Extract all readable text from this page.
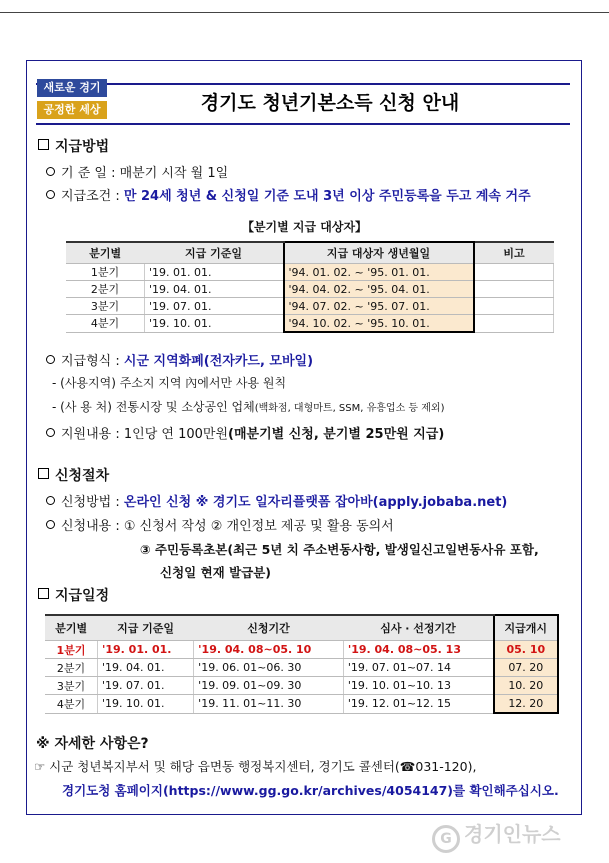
새로운 경기
공정한 세상	경기도 청년기본소득 신청 안내
지급방법
기 준 일 : 매분기 시작 월 1일
지급조건 : 만 24세 청년 & 신청일 기준 도내 3년 이상 주민등록을 두고 계속 거주
【분기별 지급 대상자】
분기별	지급 기준일	지급 대상자 생년월일	비고
1분기	'19. 01. 01.	'94. 01. 02. ~ '95. 01. 01.	
2분기	'19. 04. 01.	'94. 04. 02. ~ '95. 04. 01.	
3분기	'19. 07. 01.	'94. 07. 02. ~ '95. 07. 01.	
4분기	'19. 10. 01.	'94. 10. 02. ~ '95. 10. 01.	
지급형식 : 시군 지역화폐(전자카드, 모바일)
- (사용지역) 주소지 지역 內에서만 사용 원칙
- (사 용 처) 전통시장 및 소상공인 업체(백화점, 대형마트, SSM, 유흥업소 등 제외)
지원내용 : 1인당 연 100만원(매분기별 신청, 분기별 25만원 지급)
신청절차
신청방법 : 온라인 신청 ※ 경기도 일자리플랫폼 잡아바(apply.jobaba.net)
신청내용 : ① 신청서 작성 ② 개인정보 제공 및 활용 동의서
③ 주민등록초본(최근 5년 치 주소변동사항, 발생일신고일변동사유 포함,
신청일 현재 발급분)
지급일정
분기별	지급 기준일	신청기간	심사 · 선정기간	지급개시
1분기	'19. 01. 01.	'19. 04. 08~05. 10	'19. 04. 08~05. 13	05. 10
2분기	'19. 04. 01.	'19. 06. 01~06. 30	'19. 07. 01~07. 14	07. 20
3분기	'19. 07. 01.	'19. 09. 01~09. 30	'19. 10. 01~10. 13	10. 20
4분기	'19. 10. 01.	'19. 11. 01~11. 30	'19. 12. 01~12. 15	12. 20
※ 자세한 사항은?
☞ 시군 청년복지부서 및 해당 읍면동 행정복지센터, 경기도 콜센터(☎031-120),
경기도청 홈페이지(https://www.gg.go.kr/archives/4054147)를 확인해주십시오.
G 경기인뉴스
